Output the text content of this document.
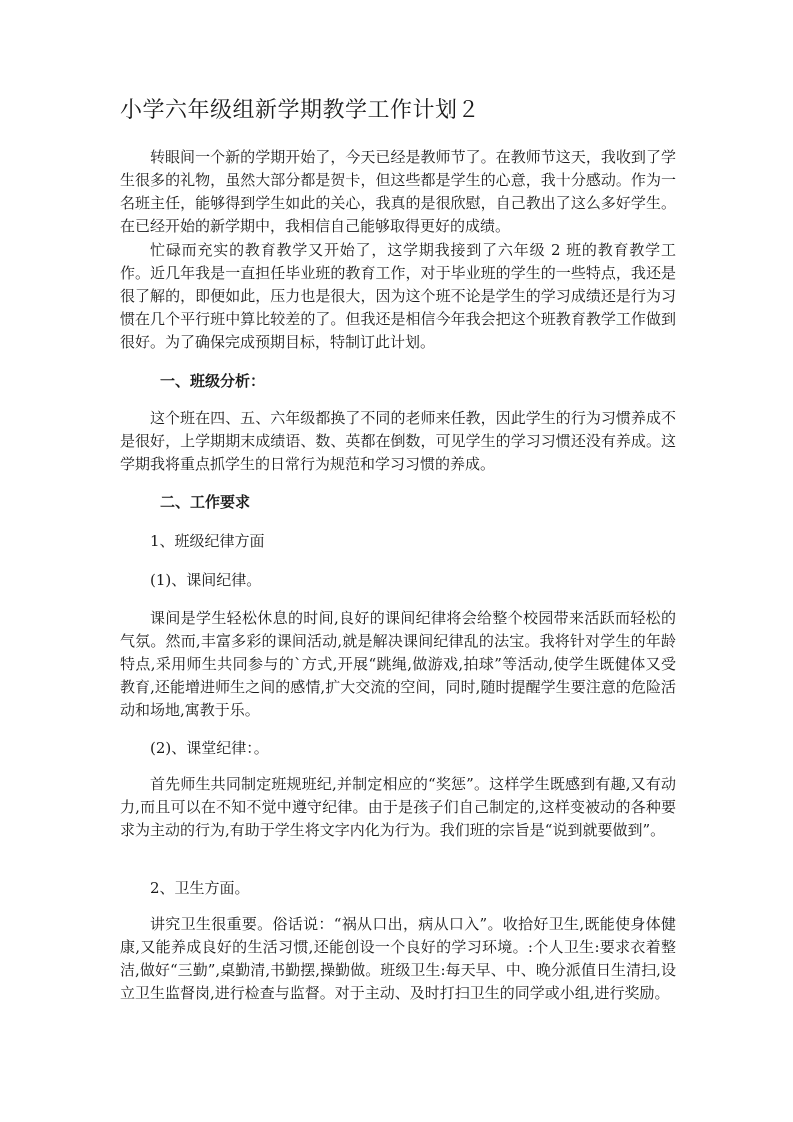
小学六年级组新学期教学工作计划２

转眼间一个新的学期开始了，今天已经是教师节了。在教师节这天，我收到了学生很多的礼物，虽然大部分都是贺卡，但这些都是学生的心意，我十分感动。作为一名班主任，能够得到学生如此的关心，我真的是很欣慰，自己教出了这么多好学生。在已经开始的新学期中，我相信自己能够取得更好的成绩。

忙碌而充实的教育教学又开始了，这学期我接到了六年级 2 班的教育教学工作。近几年我是一直担任毕业班的教育工作，对于毕业班的学生的一些特点，我还是很了解的，即便如此，压力也是很大，因为这个班不论是学生的学习成绩还是行为习惯在几个平行班中算比较差的了。但我还是相信今年我会把这个班教育教学工作做到很好。为了确保完成预期目标，特制订此计划。

一、班级分析：

这个班在四、五、六年级都换了不同的老师来任教，因此学生的行为习惯养成不是很好，上学期期末成绩语、数、英都在倒数，可见学生的学习习惯还没有养成。这学期我将重点抓学生的日常行为规范和学习习惯的养成。

二、工作要求
1、班级纪律方面
(1)、课间纪律。

课间是学生轻松休息的时间,良好的课间纪律将会给整个校园带来活跃而轻松的气氛。然而,丰富多彩的课间活动,就是解决课间纪律乱的法宝。我将针对学生的年龄特点,采用师生共同参与的`方式,开展“跳绳,做游戏,拍球”等活动,使学生既健体又受教育,还能增进师生之间的感情,扩大交流的空间，同时,随时提醒学生要注意的危险活动和场地,寓教于乐。

(2)、课堂纪律：。

首先师生共同制定班规班纪,并制定相应的“奖惩”。这样学生既感到有趣,又有动力,而且可以在不知不觉中遵守纪律。由于是孩子们自己制定的,这样变被动的各种要求为主动的行为,有助于学生将文字内化为行为。我们班的宗旨是“说到就要做到”。

2、卫生方面。

讲究卫生很重要。俗话说：“祸从口出，病从口入”。收拾好卫生,既能使身体健康,又能养成良好的生活习惯,还能创设一个良好的学习环境。:个人卫生:要求衣着整洁,做好“三勤”,桌勤清,书勤摆,操勤做。班级卫生:每天早、中、晚分派值日生清扫,设立卫生监督岗,进行检查与监督。对于主动、及时打扫卫生的同学或小组,进行奖励。
